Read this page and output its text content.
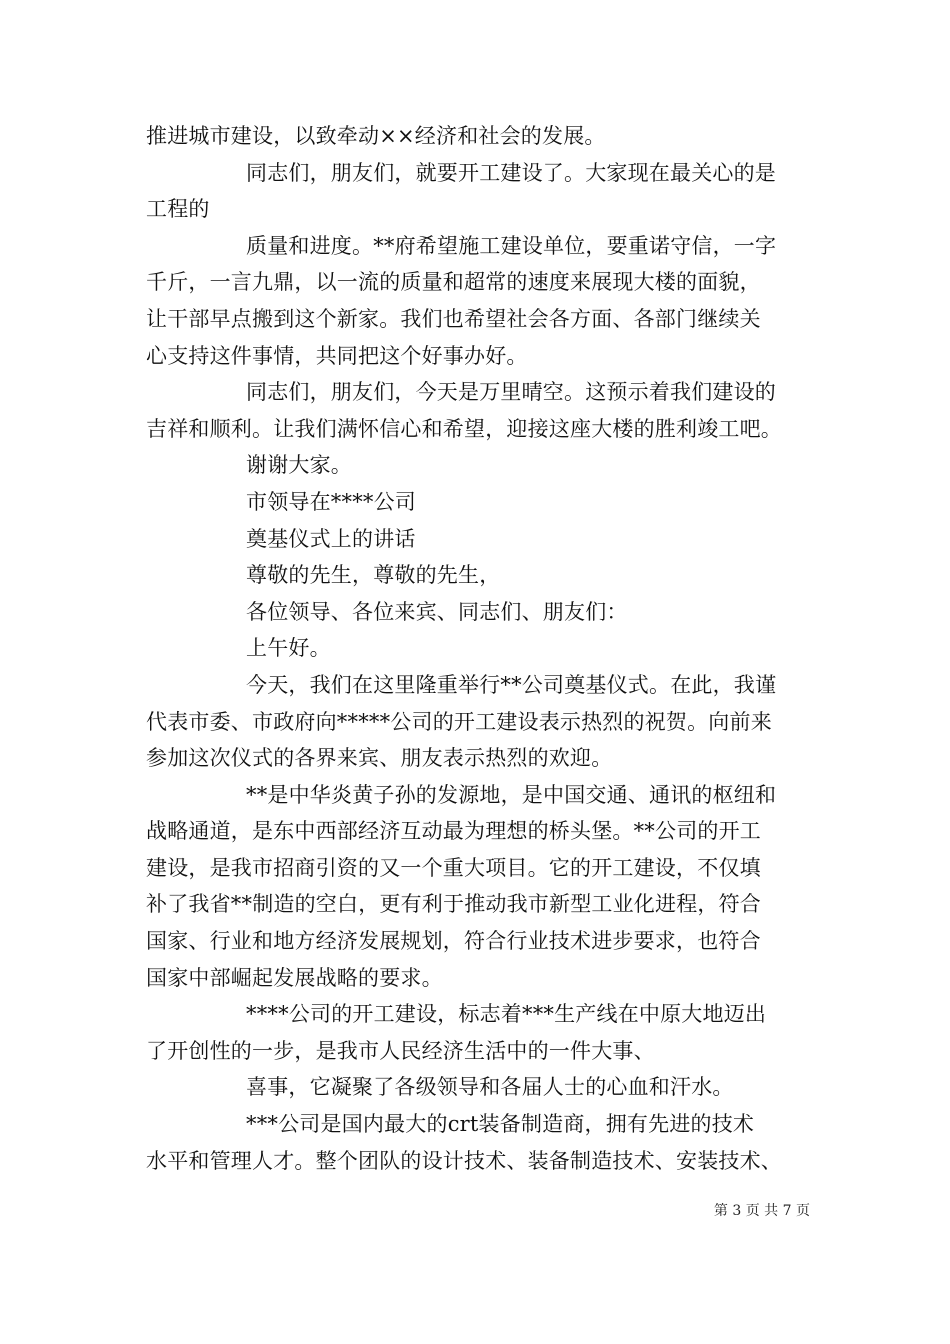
推进城市建设，以致牵动××经济和社会的发展。

同志们，朋友们，就要开工建设了。大家现在最关心的是

工程的

质量和进度。**府希望施工建设单位，要重诺守信，一字

千斤，一言九鼎，以一流的质量和超常的速度来展现大楼的面貌，

让干部早点搬到这个新家。我们也希望社会各方面、各部门继续关

心支持这件事情，共同把这个好事办好。

同志们，朋友们，今天是万里晴空。这预示着我们建设的

吉祥和顺利。让我们满怀信心和希望，迎接这座大楼的胜利竣工吧。

谢谢大家。

市领导在****公司

奠基仪式上的讲话

尊敬的先生，尊敬的先生，

各位领导、各位来宾、同志们、朋友们：

上午好。

今天，我们在这里隆重举行**公司奠基仪式。在此，我谨

代表市委、市政府向*****公司的开工建设表示热烈的祝贺。向前来

参加这次仪式的各界来宾、朋友表示热烈的欢迎。

**是中华炎黄子孙的发源地，是中国交通、通讯的枢纽和

战略通道，是东中西部经济互动最为理想的桥头堡。**公司的开工

建设，是我市招商引资的又一个重大项目。它的开工建设，不仅填

补了我省**制造的空白，更有利于推动我市新型工业化进程，符合

国家、行业和地方经济发展规划，符合行业技术进步要求，也符合

国家中部崛起发展战略的要求。

****公司的开工建设，标志着***生产线在中原大地迈出

了开创性的一步，是我市人民经济生活中的一件大事、

喜事，它凝聚了各级领导和各届人士的心血和汗水。

***公司是国内最大的crt装备制造商，拥有先进的技术

水平和管理人才。整个团队的设计技术、装备制造技术、安装技术、

第 3 页 共 7 页
